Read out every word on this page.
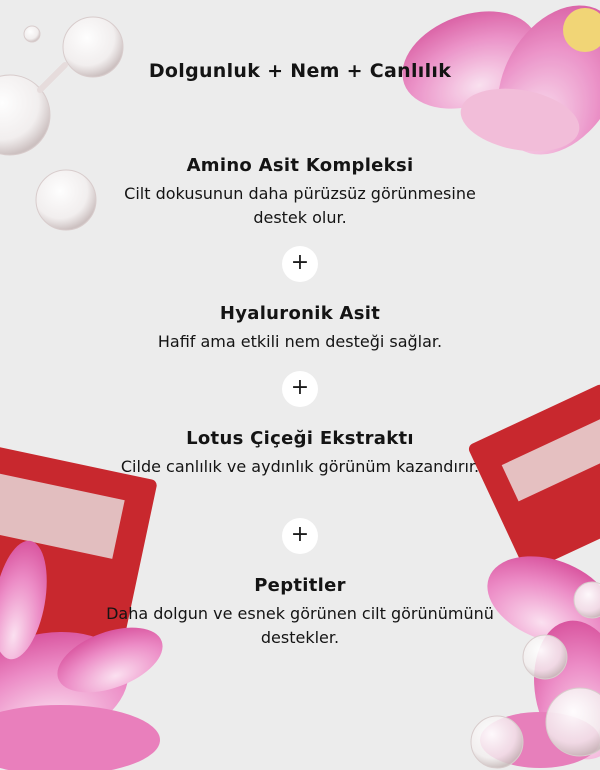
Dolgunluk + Nem + Canlılık
Amino Asit Kompleksi

Cilt dokusunun daha pürüzsüz görünmesine destek olur.

+
Hyaluronik Asit

Hafif ama etkili nem desteği sağlar.

+
Lotus Çiçeği Ekstraktı

Cilde canlılık ve aydınlık görünüm kazandırır.

+
Peptitler

Daha dolgun ve esnek görünen cilt görünümünü destekler.
